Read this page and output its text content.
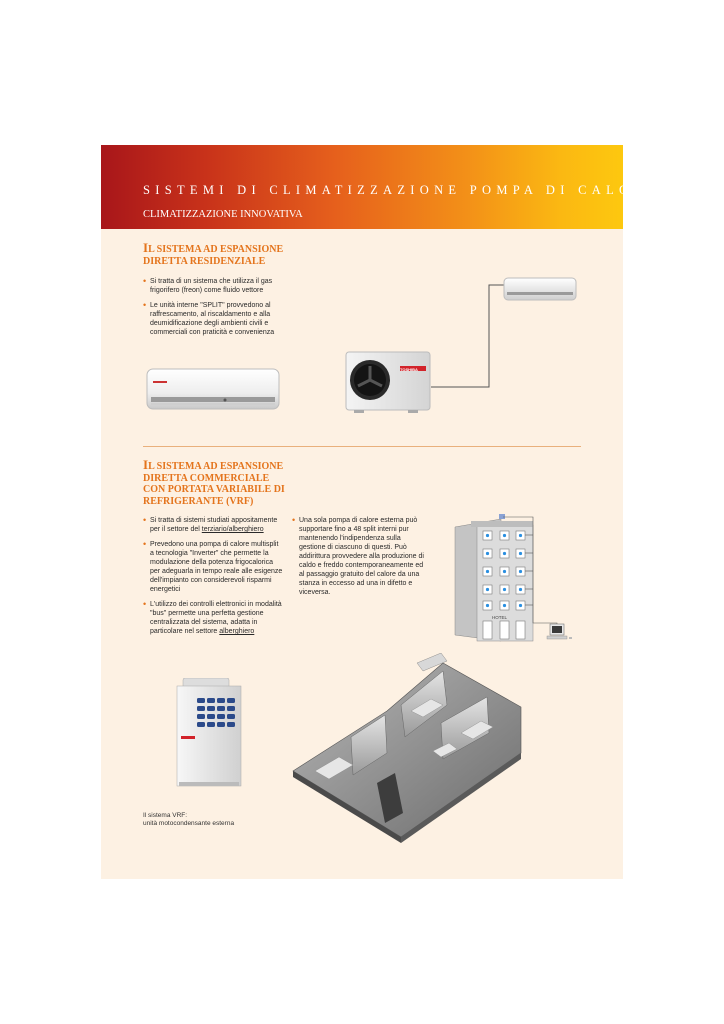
SISTEMI DI CLIMATIZZAZIONE POMPA DI CALORE
CLIMATIZZAZIONE INNOVATIVA
IL SISTEMA AD ESPANSIONE
DIRETTA RESIDENZIALE
• Si tratta di un sistema che utilizza il gas frigorifero (freon) come fluido vettore
• Le unità interne "SPLIT" provvedono al raffrescamento, al riscaldamento e alla deumidificazione degli ambienti civili e commerciali con praticità e convenienza
TOSHIBA
IL SISTEMA AD ESPANSIONE
DIRETTA COMMERCIALE
CON PORTATA VARIABILE DI
REFRIGERANTE (VRF)
• Si tratta di sistemi studiati appositamente per il settore del terziario/alberghiero
• Prevedono una pompa di calore multisplit a tecnologia "Inverter" che permette la modulazione della potenza frigocalorica per adeguarla in tempo reale alle esigenze dell'impianto con considerevoli risparmi energetici
• L'utilizzo dei controlli elettronici in modalità "bus" permette una perfetta gestione centralizzata del sistema, adatta in particolare nel settore alberghiero
• Una sola pompa di calore esterna può supportare fino a 48 split interni pur mantenendo l'indipendenza sulla gestione di ciascuno di questi. Può addirittura provvedere alla produzione di caldo e freddo contemporaneamente ed al passaggio gratuito del calore da una stanza in eccesso ad una in difetto e viceversa.
HOTEL
Il sistema VRF:
unità motocondensante esterna
